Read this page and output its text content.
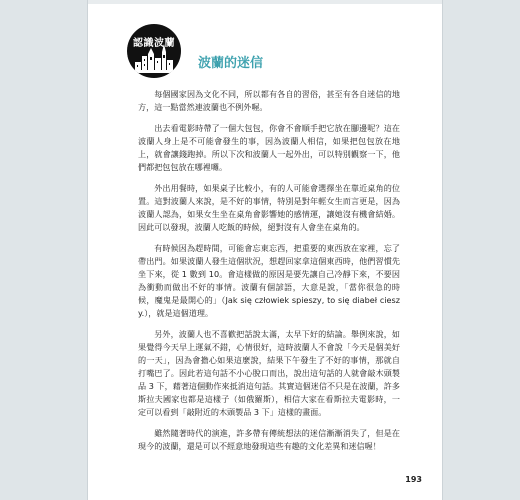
認識波蘭
波蘭的迷信

每個國家因為文化不同，所以都有各自的習俗，甚至有各自迷信的地方，這一點當然連波蘭也不例外喔。

出去看電影時帶了一個大包包，你會不會順手把它放在腳邊呢？這在波蘭人身上是不可能會發生的事，因為波蘭人相信，如果把包包放在地上，就會讓錢跑掉。所以下次和波蘭人一起外出，可以特別觀察一下，他們都把包包放在哪裡囉。

外出用餐時，如果桌子比較小，有的人可能會選擇坐在靠近桌角的位置。這對波蘭人來說，是不好的事情，特別是對年輕女生而言更是，因為波蘭人認為，如果女生坐在桌角會影響她的感情運，讓她沒有機會結婚。因此可以發現，波蘭人吃飯的時候，絕對沒有人會坐在桌角的。

有時候因為趕時間，可能會忘東忘西，把重要的東西放在家裡，忘了帶出門。如果波蘭人發生這個狀況，想趕回家拿這個東西時，他們習慣先坐下來，從 1 數到 10。會這樣做的原因是要先讓自己冷靜下來，不要因為衝動而做出不好的事情。波蘭有個諺語，大意是說，「當你很急的時候，魔鬼是最開心的」（Jak się człowiek spieszy, to się diabeł cieszy.），就是這個道理。

另外，波蘭人也不喜歡把話說太滿，太早下好的結論。舉例來說，如果覺得今天早上運氣不錯，心情很好，這時波蘭人不會說「今天是個美好的一天」，因為會擔心如果這麼說，結果下午發生了不好的事情，那就自打嘴巴了。因此若這句話不小心脫口而出，說出這句話的人就會敲木頭製品 3 下，藉著這個動作來抵消這句話。其實這個迷信不只是在波蘭，許多斯拉夫國家也都是這樣子（如俄羅斯），相信大家在看斯拉夫電影時，一定可以看到「敲附近的木頭製品 3 下」這樣的畫面。

雖然隨著時代的演進，許多帶有傳統想法的迷信漸漸消失了，但是在現今的波蘭，還是可以不經意地發現這些有趣的文化差異和迷信喔！

193
